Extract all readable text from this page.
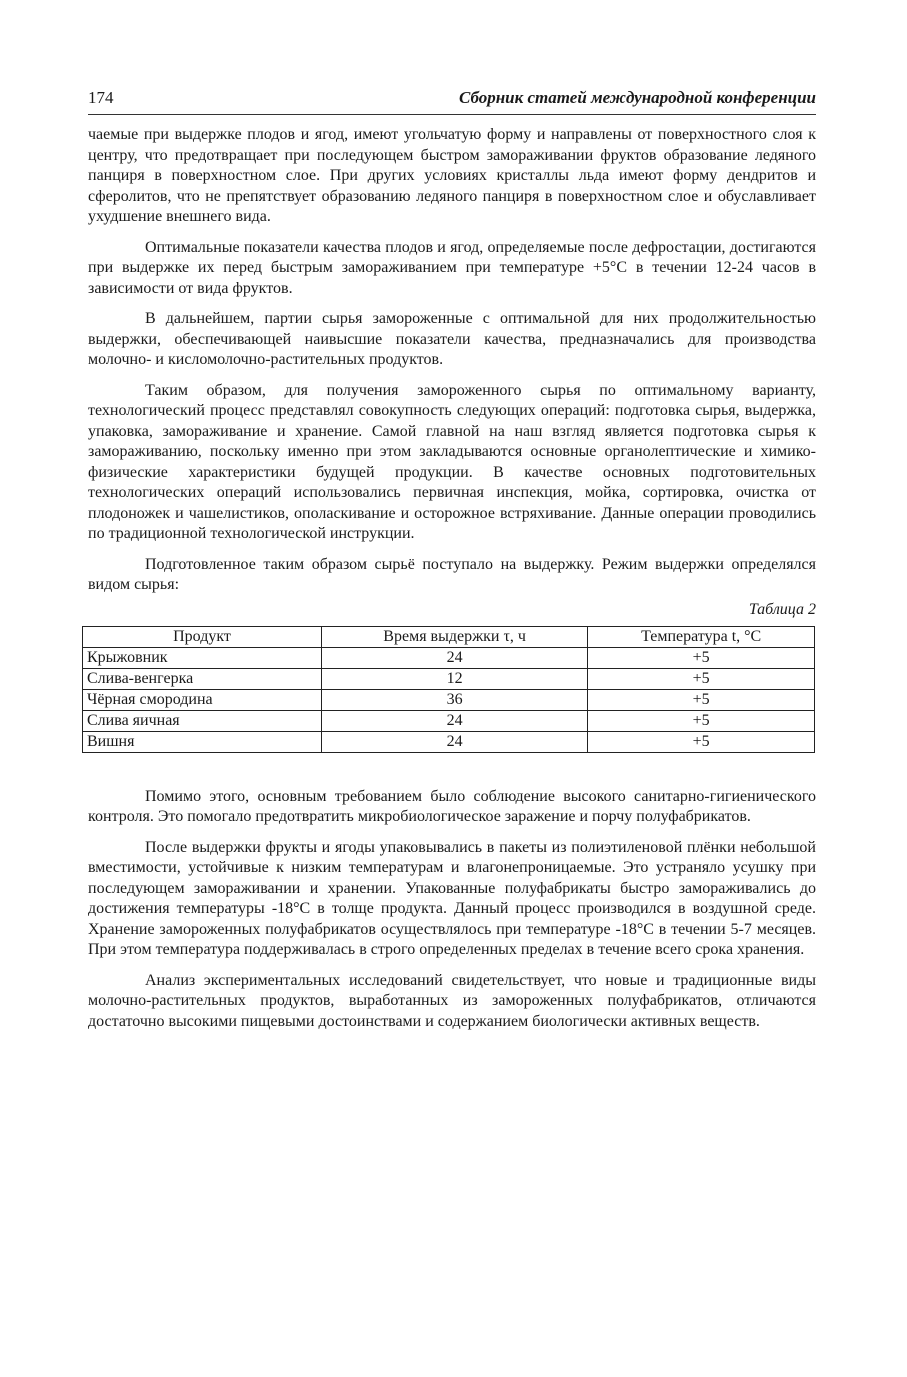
174	Сборник статей международной конференции

чаемые при выдержке плодов и ягод, имеют угольчатую форму и направлены от поверхностного слоя к центру, что предотвращает при последующем быстром замораживании фруктов образование ледяного панциря в поверхностном слое. При других условиях кристаллы льда имеют форму дендритов и сферолитов, что не препятствует образованию ледяного панциря в поверхностном слое и обуславливает ухудшение внешнего вида.

Оптимальные показатели качества плодов и ягод, определяемые после дефростации, достигаются при выдержке их перед быстрым замораживанием при температуре +5°С в течении 12-24 часов в зависимости от вида фруктов.

В дальнейшем, партии сырья замороженные с оптимальной для них продолжительностью выдержки, обеспечивающей наивысшие показатели качества, предназначались для производства молочно- и кисломолочно-растительных продуктов.

Таким образом, для получения замороженного сырья по оптимальному варианту, технологический процесс представлял совокупность следующих операций: подготовка сырья, выдержка, упаковка, замораживание и хранение. Самой главной на наш взгляд является подготовка сырья к замораживанию, поскольку именно при этом закладываются основные органолептические и химико-физические характеристики будущей продукции. В качестве основных подготовительных технологических операций использовались первичная инспекция, мойка, сортировка, очистка от плодоножек и чашелистиков, ополаскивание и осторожное встряхивание. Данные операции проводились по традиционной технологической инструкции.

Подготовленное таким образом сырьё поступало на выдержку. Режим выдержки определялся видом сырья:

Таблица 2
Продукт	Время выдержки τ, ч	Температура t, °С
Крыжовник	24	+5
Слива-венгерка	12	+5
Чёрная смородина	36	+5
Слива яичная	24	+5
Вишня	24	+5

Помимо этого, основным требованием было соблюдение высокого санитарно-гигиенического контроля. Это помогало предотвратить микробиологическое заражение и порчу полуфабрикатов.

После выдержки фрукты и ягоды упаковывались в пакеты из полиэтиленовой плёнки небольшой вместимости, устойчивые к низким температурам и влагонепроницаемые. Это устраняло усушку при последующем замораживании и хранении. Упакованные полуфабрикаты быстро замораживались до достижения температуры -18°С в толще продукта. Данный процесс производился в воздушной среде. Хранение замороженных полуфабрикатов осуществлялось при температуре -18°С в течении 5-7 месяцев. При этом температура поддерживалась в строго определенных пределах в течение всего срока хранения.

Анализ экспериментальных исследований свидетельствует, что новые и традиционные виды молочно-растительных продуктов, выработанных из замороженных полуфабрикатов, отличаются достаточно высокими пищевыми достоинствами и содержанием биологически активных веществ.
